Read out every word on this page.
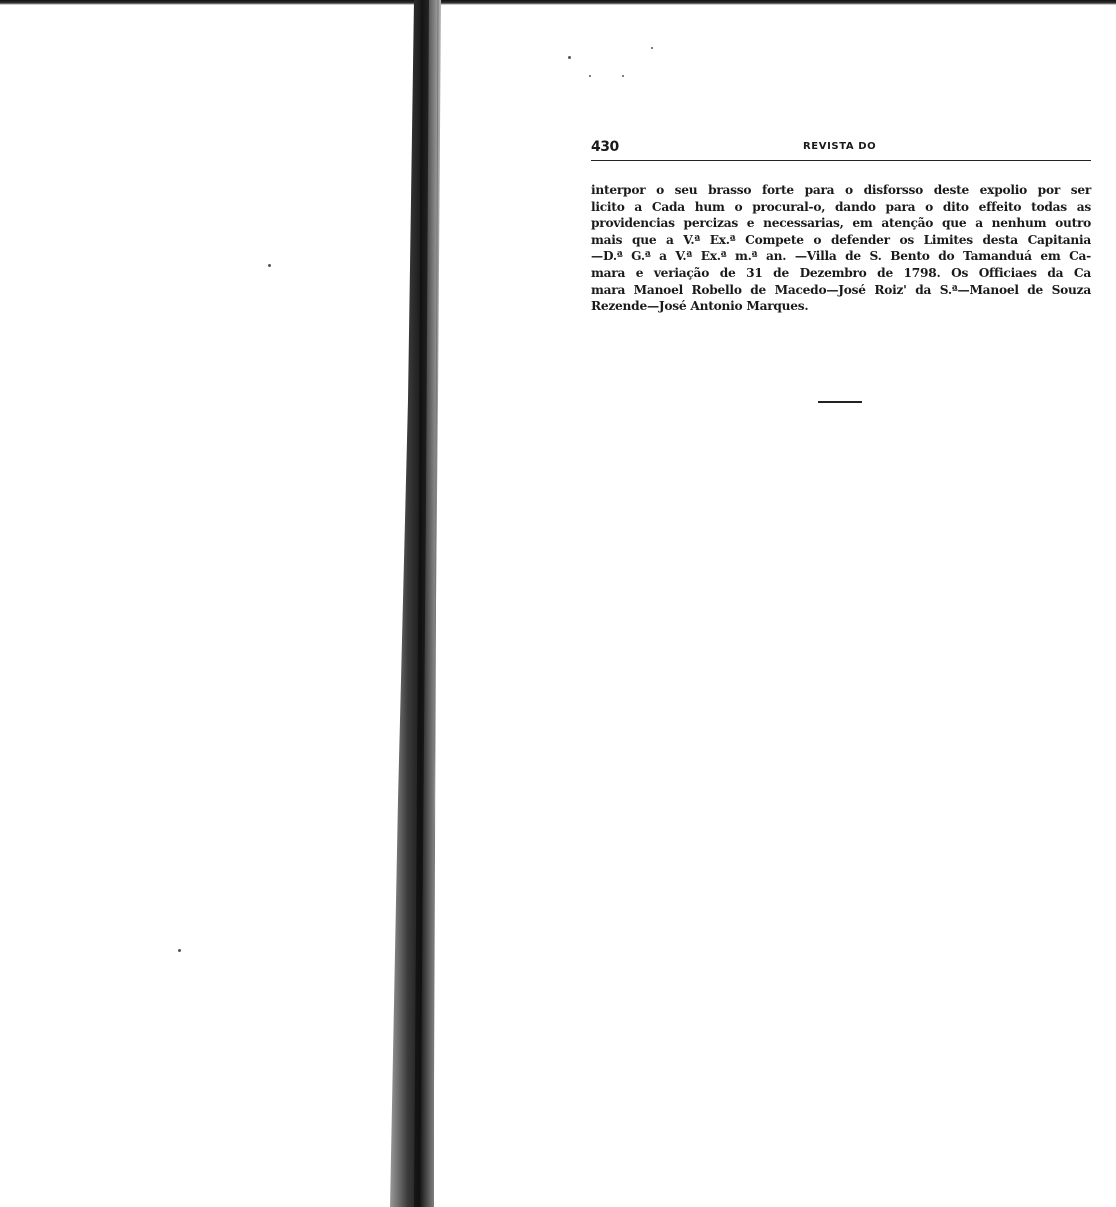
430	REVISTA DO
interpor o seu brasso forte para o disforsso deste expolio por ser
licito a Cada hum o procural-o, dando para o dito effeito todas as
providencias percizas e necessarias, em atenção que a nenhum outro
mais que a V.ª Ex.ª Compete o defender os Limites desta Capitania
—D.ª G.ª a V.ª Ex.ª m.ª an. —Villa de S. Bento do Tamanduá em Ca-
mara e veriação de 31 de Dezembro de 1798. Os Officiaes da Ca
mara Manoel Robello de Macedo—José Roiz' da S.ª—Manoel de Souza
Rezende—José Antonio Marques.
